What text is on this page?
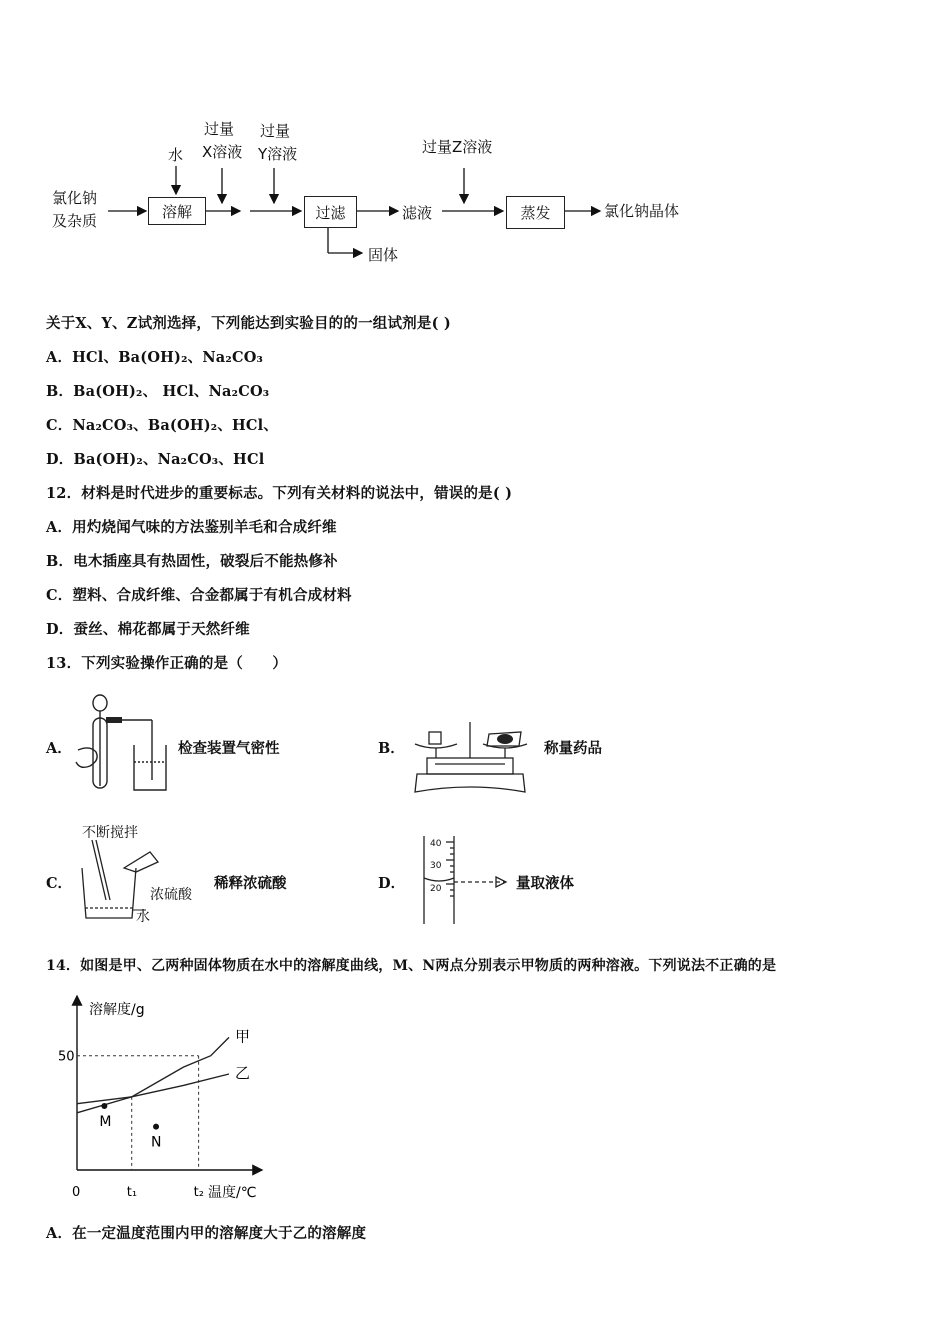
氯化钠
及杂质
水
过量
X溶液
过量
Y溶液	过量Z溶液
溶解	过滤	蒸发
滤液
固体
氯化钠晶体
关于X、Y、Z试剂选择，下列能达到实验目的的一组试剂是( )
A．HCl、Ba(OH)₂、Na₂CO₃
B．Ba(OH)₂、 HCl、Na₂CO₃
C．Na₂CO₃、Ba(OH)₂、HCl、
D．Ba(OH)₂、Na₂CO₃、HCl
12．材料是时代进步的重要标志。下列有关材料的说法中，错误的是( )
A．用灼烧闻气味的方法鉴别羊毛和合成纤维
B．电木插座具有热固性，破裂后不能热修补
C．塑料、合成纤维、合金都属于有机合成材料
D．蚕丝、棉花都属于天然纤维
13．下列实验操作正确的是（　　）
A．	检查装置气密性	B．	称量药品
C．
不断搅拌
浓硫酸
水
稀释浓硫酸	D．
40
30
20	量取液体
14．如图是甲、乙两种固体物质在水中的溶解度曲线，M、N两点分别表示甲物质的两种溶液。下列说法不正确的是
溶解度/g
温度/℃
甲
乙
M
N
50
0	t₁	t₂
A．在一定温度范围内甲的溶解度大于乙的溶解度
